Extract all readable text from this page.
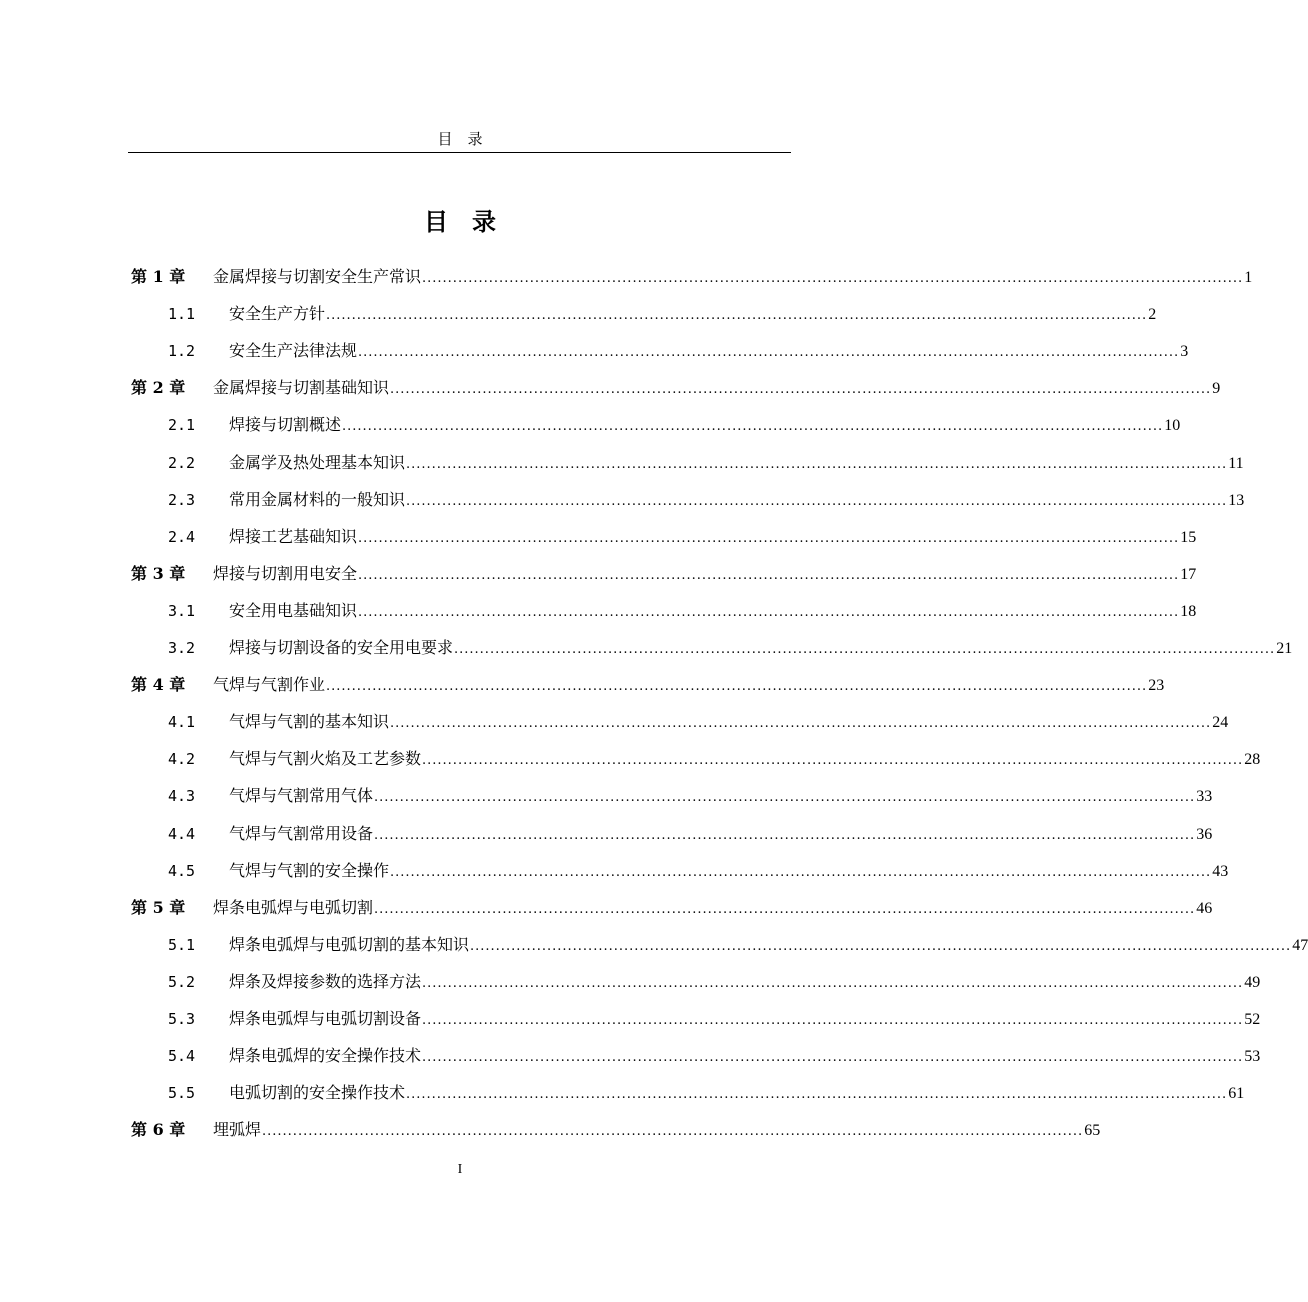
目　录
目　录
第 1 章 金属焊接与切割安全生产常识 ................................................................................................................................................................ 1
1.1 安全生产方针 ................................................................................................................................................................ 2
1.2 安全生产法律法规 ................................................................................................................................................................ 3
第 2 章 金属焊接与切割基础知识 ................................................................................................................................................................ 9
2.1 焊接与切割概述 ................................................................................................................................................................ 10
2.2 金属学及热处理基本知识 ................................................................................................................................................................ 11
2.3 常用金属材料的一般知识 ................................................................................................................................................................ 13
2.4 焊接工艺基础知识 ................................................................................................................................................................ 15
第 3 章 焊接与切割用电安全 ................................................................................................................................................................ 17
3.1 安全用电基础知识 ................................................................................................................................................................ 18
3.2 焊接与切割设备的安全用电要求 ................................................................................................................................................................ 21
第 4 章 气焊与气割作业 ................................................................................................................................................................ 23
4.1 气焊与气割的基本知识 ................................................................................................................................................................ 24
4.2 气焊与气割火焰及工艺参数 ................................................................................................................................................................ 28
4.3 气焊与气割常用气体 ................................................................................................................................................................ 33
4.4 气焊与气割常用设备 ................................................................................................................................................................ 36
4.5 气焊与气割的安全操作 ................................................................................................................................................................ 43
第 5 章 焊条电弧焊与电弧切割 ................................................................................................................................................................ 46
5.1 焊条电弧焊与电弧切割的基本知识 ................................................................................................................................................................ 47
5.2 焊条及焊接参数的选择方法 ................................................................................................................................................................ 49
5.3 焊条电弧焊与电弧切割设备 ................................................................................................................................................................ 52
5.4 焊条电弧焊的安全操作技术 ................................................................................................................................................................ 53
5.5 电弧切割的安全操作技术 ................................................................................................................................................................ 61
第 6 章 埋弧焊 ................................................................................................................................................................ 65
I
